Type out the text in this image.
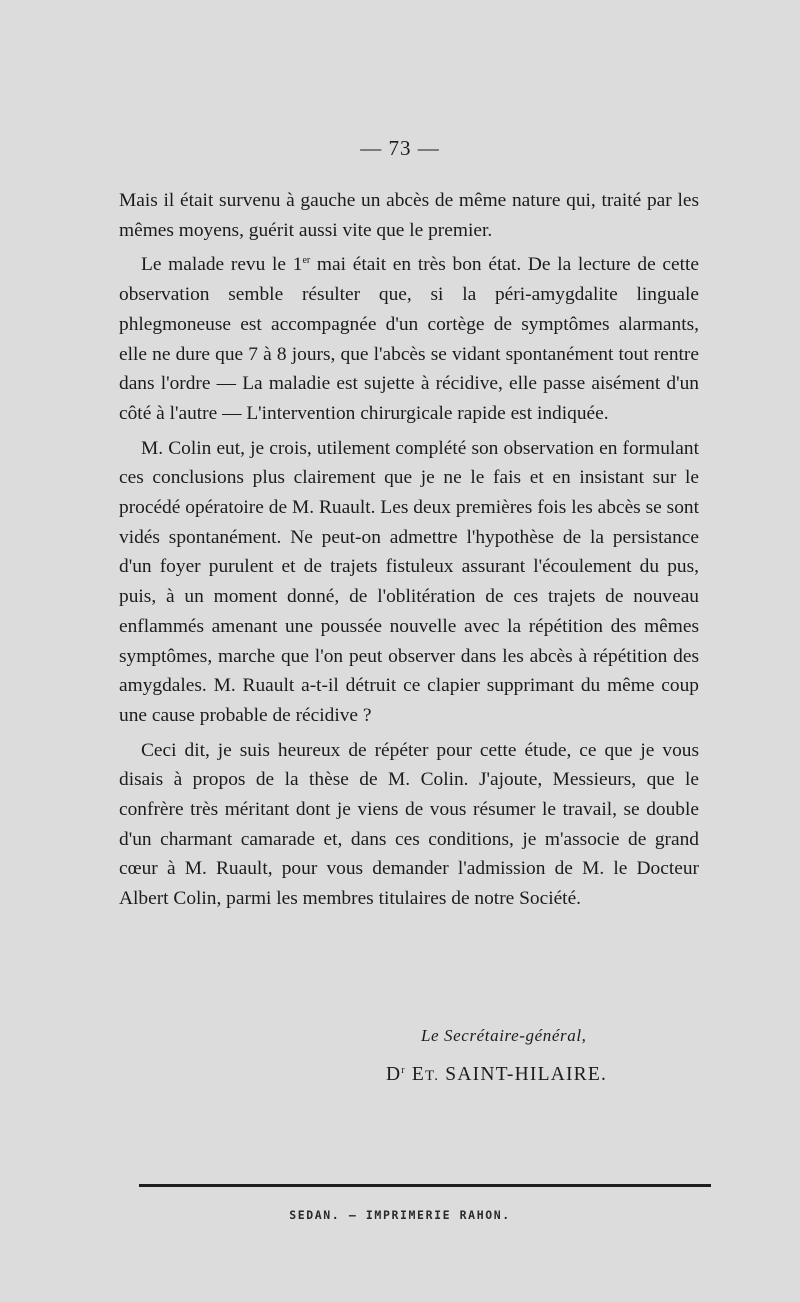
— 73 —

Mais il était survenu à gauche un abcès de même nature qui, traité par les mêmes moyens, guérit aussi vite que le premier.

Le malade revu le 1er mai était en très bon état. De la lecture de cette observation semble résulter que, si la péri-amygdalite linguale phlegmoneuse est accompagnée d'un cortège de symptômes alarmants, elle ne dure que 7 à 8 jours, que l'abcès se vidant spontanément tout rentre dans l'ordre — La maladie est sujette à récidive, elle passe aisément d'un côté à l'autre — L'intervention chirurgicale rapide est indiquée.

M. Colin eut, je crois, utilement complété son observation en formulant ces conclusions plus clairement que je ne le fais et en insistant sur le procédé opératoire de M. Ruault. Les deux premières fois les abcès se sont vidés spontanément. Ne peut-on admettre l'hypothèse de la persistance d'un foyer purulent et de trajets fistuleux assurant l'écoulement du pus, puis, à un moment donné, de l'oblitération de ces trajets de nouveau enflammés amenant une poussée nouvelle avec la répétition des mêmes symptômes, marche que l'on peut observer dans les abcès à répétition des amygdales. M. Ruault a-t-il détruit ce clapier supprimant du même coup une cause probable de récidive ?

Ceci dit, je suis heureux de répéter pour cette étude, ce que je vous disais à propos de la thèse de M. Colin. J'ajoute, Messieurs, que le confrère très méritant dont je viens de vous résumer le travail, se double d'un charmant camarade et, dans ces conditions, je m'associe de grand cœur à M. Ruault, pour vous demander l'admission de M. le Docteur Albert Colin, parmi les membres titulaires de notre Société.

Le Secrétaire-général,
$D^r$ ET. SAINT-HILAIRE.
SEDAN. — IMPRIMERIE RAHON.
